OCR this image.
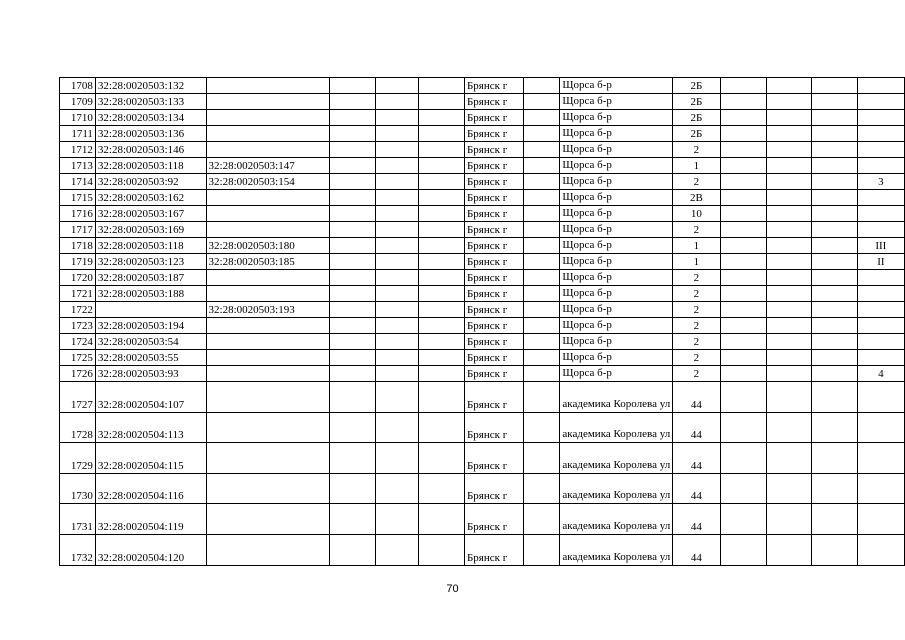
1708	32:28:0020503:132					Брянск г		Щорса б-р	2Б				
1709	32:28:0020503:133					Брянск г		Щорса б-р	2Б				
1710	32:28:0020503:134					Брянск г		Щорса б-р	2Б				
1711	32:28:0020503:136					Брянск г		Щорса б-р	2Б				
1712	32:28:0020503:146					Брянск г		Щорса б-р	2				
1713	32:28:0020503:118	32:28:0020503:147				Брянск г		Щорса б-р	1				
1714	32:28:0020503:92	32:28:0020503:154				Брянск г		Щорса б-р	2				3
1715	32:28:0020503:162					Брянск г		Щорса б-р	2В				
1716	32:28:0020503:167					Брянск г		Щорса б-р	10				
1717	32:28:0020503:169					Брянск г		Щорса б-р	2				
1718	32:28:0020503:118	32:28:0020503:180				Брянск г		Щорса б-р	1				III
1719	32:28:0020503:123	32:28:0020503:185				Брянск г		Щорса б-р	1				II
1720	32:28:0020503:187					Брянск г		Щорса б-р	2				
1721	32:28:0020503:188					Брянск г		Щорса б-р	2				
1722		32:28:0020503:193				Брянск г		Щорса б-р	2				
1723	32:28:0020503:194					Брянск г		Щорса б-р	2				
1724	32:28:0020503:54					Брянск г		Щорса б-р	2				
1725	32:28:0020503:55					Брянск г		Щорса б-р	2				
1726	32:28:0020503:93					Брянск г		Щорса б-р	2				4
1727	32:28:0020504:107					Брянск г		академика Королева ул	44				
1728	32:28:0020504:113					Брянск г		академика Королева ул	44				
1729	32:28:0020504:115					Брянск г		академика Королева ул	44				
1730	32:28:0020504:116					Брянск г		академика Королева ул	44				
1731	32:28:0020504:119					Брянск г		академика Королева ул	44				
1732	32:28:0020504:120					Брянск г		академика Королева ул	44				
70
